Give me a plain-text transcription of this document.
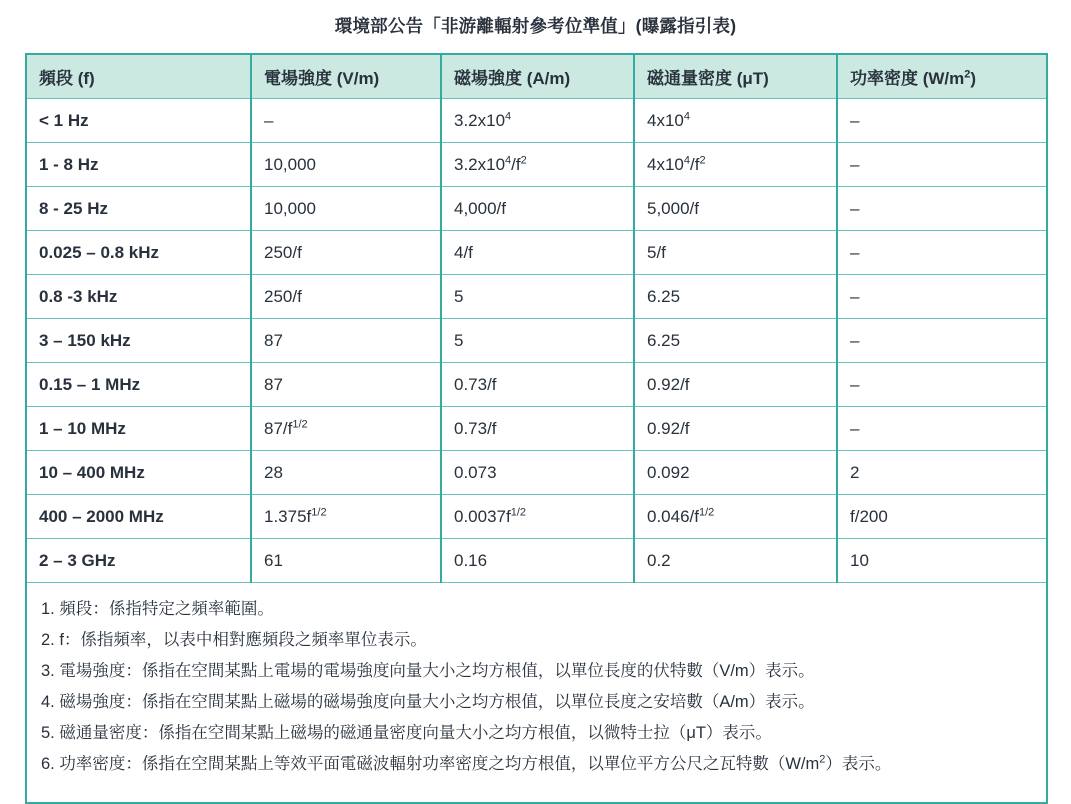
環境部公告「非游離輻射參考位準值」(曝露指引表)
頻段 (f)	電場強度 (V/m)	磁場強度 (A/m)	磁通量密度 (μT)	功率密度 $(W/m^2)$
< 1 Hz	–	$3.2x10^4$	$4x10^4$	–
1 - 8 Hz	10,000	$3.2x10^4/f^2$	$4x10^4/f^2$	–
8 - 25 Hz	10,000	4,000/f	5,000/f	–
0.025 – 0.8 kHz	250/f	4/f	5/f	–
0.8 -3 kHz	250/f	5	6.25	–
3 – 150 kHz	87	5	6.25	–
0.15 – 1 MHz	87	0.73/f	0.92/f	–
1 – 10 MHz	$87/f^{1/2}$	0.73/f	0.92/f	–
10 – 400 MHz	28	0.073	0.092	2
400 – 2000 MHz	$1.375f^{1/2}$	$0.0037f^{1/2}$	$0.046/f^{1/2}$	f/200
2 – 3 GHz	61	0.16	0.2	10

1. 頻段：係指特定之頻率範圍。
2. f：係指頻率，以表中相對應頻段之頻率單位表示。
3. 電場強度：係指在空間某點上電場的電場強度向量大小之均方根值，以單位長度的伏特數（V/m）表示。
4. 磁場強度：係指在空間某點上磁場的磁場強度向量大小之均方根值，以單位長度之安培數（A/m）表示。
5. 磁通量密度：係指在空間某點上磁場的磁通量密度向量大小之均方根值，以微特士拉（μT）表示。
6. 功率密度：係指在空間某點上等效平面電磁波輻射功率密度之均方根值，以單位平方公尺之瓦特數$(W/m^2)$表示。
